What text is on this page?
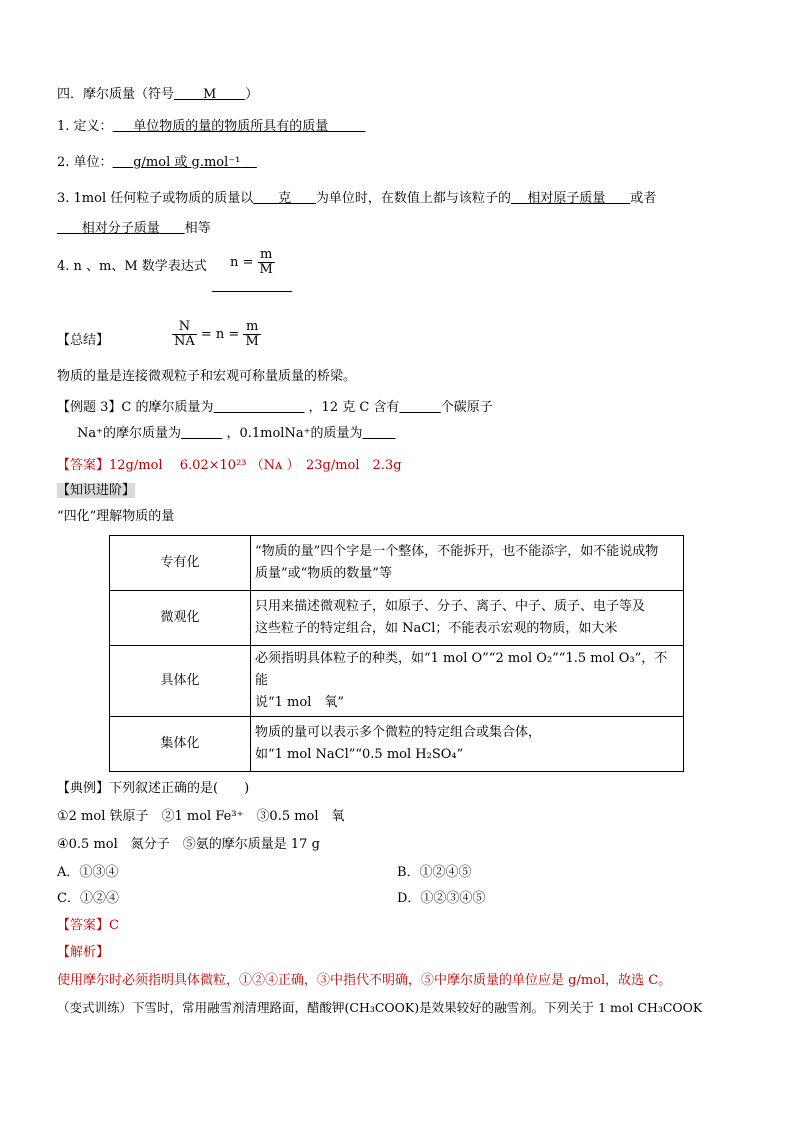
四．摩尔质量（符号 M ）
1. 定义： 单位物质的量的物质所具有的质量
2. 单位： g/mol 或 g.mol⁻¹
3. 1mol 任何粒子或物质的质量以 克 为单位时，在数值上都与该粒子的 相对原子质量 或者
相对分子质量 相等
4. n 、m、M 数学表达式 $n = \frac{m}{M}$
【总结】	$\frac{N}{NA} = n = \frac{m}{M}$
物质的量是连接微观粒子和宏观可称量质量的桥梁。
【例题 3】C 的摩尔质量为	，12 克 C 含有	个碳原子
Na⁺的摩尔质量为	，0.1molNa⁺的质量为
【答案】12g/mol　 6.02×10²³ （Nᴀ ）　23g/mol　2.3g
【知识进阶】
“四化”理解物质的量
专有化	“物质的量”四个字是一个整体，不能拆开，也不能添字，如不能说成物
质量”或“物质的数量”等
微观化	只用来描述微观粒子，如原子、分子、离子、中子、质子、电子等及
这些粒子的特定组合，如 NaCl；不能表示宏观的物质，如大米
具体化	必须指明具体粒子的种类，如“1 mol O”“2 mol O₂”“1.5 mol O₃”，不能
说“1 mol　氧”
集体化	物质的量可以表示多个微粒的特定组合或集合体，
如“1 mol NaCl”“0.5 mol H₂SO₄”
【典例】下列叙述正确的是(　　)
①2 mol 铁原子　②1 mol Fe³⁺　③0.5 mol　氧
④0.5 mol　氮分子　⑤氨的摩尔质量是 17 g
A．①③④	B．①②④⑤
C．①②④	D．①②③④⑤
【答案】C
【解析】
使用摩尔时必须指明具体微粒，①②④正确，③中指代不明确，⑤中摩尔质量的单位应是 g/mol，故选 C。
（变式训练）下雪时，常用融雪剂清理路面，醋酸钾(CH₃COOK)是效果较好的融雪剂。下列关于 1 mol CH₃COOK
